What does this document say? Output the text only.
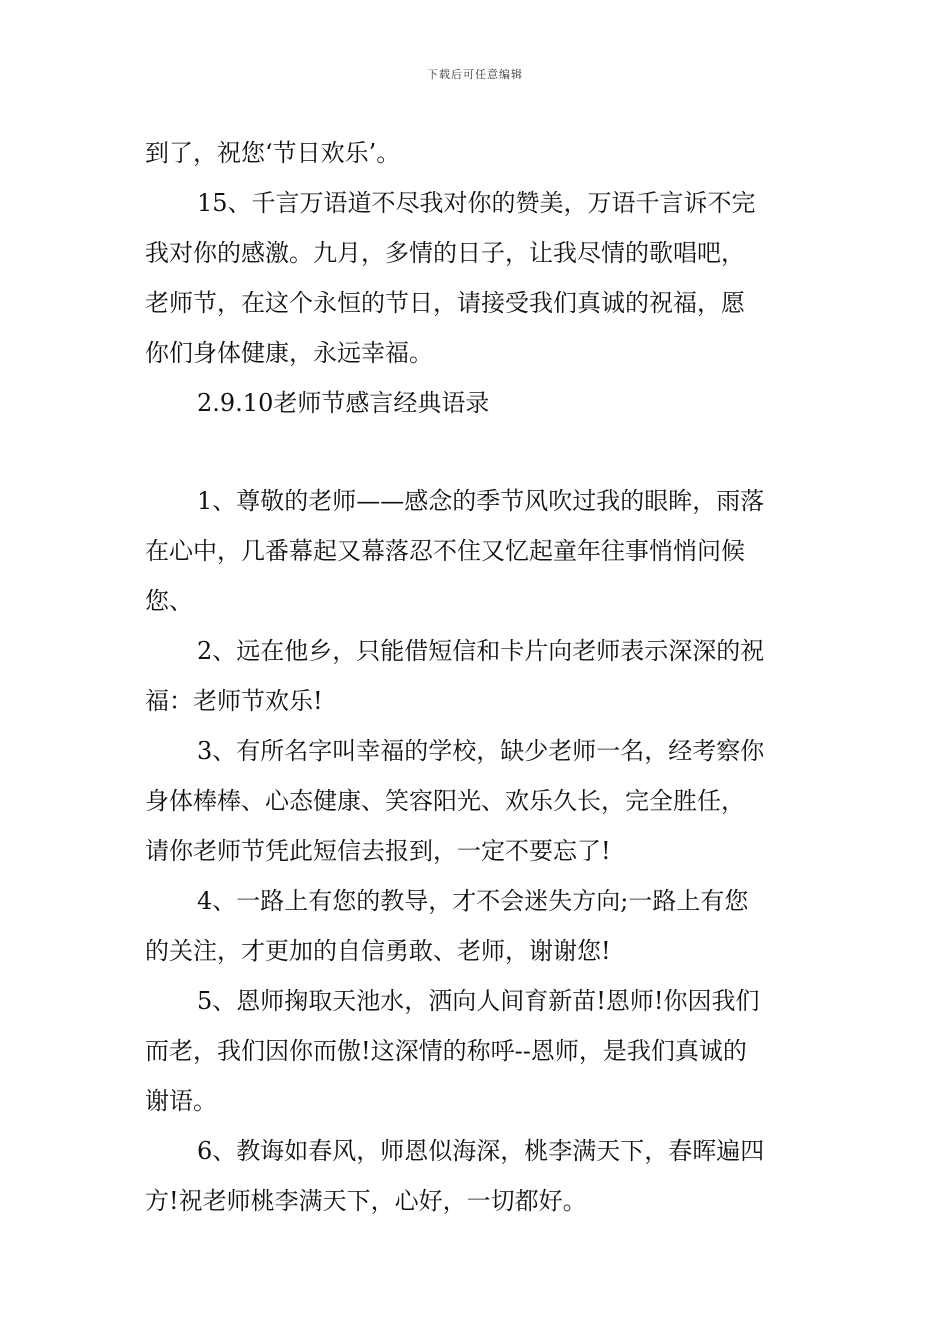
下载后可任意编辑
到了，祝您‘节日欢乐’。
15、千言万语道不尽我对你的赞美，万语千言诉不完
我对你的感激。九月，多情的日子，让我尽情的歌唱吧，
老师节，在这个永恒的节日，请接受我们真诚的祝福，愿
你们身体健康，永远幸福。
2.9.10老师节感言经典语录
1、尊敬的老师——感念的季节风吹过我的眼眸，雨落
在心中，几番幕起又幕落忍不住又忆起童年往事悄悄问候
您、
2、远在他乡，只能借短信和卡片向老师表示深深的祝
福：老师节欢乐!
3、有所名字叫幸福的学校，缺少老师一名，经考察你
身体棒棒、心态健康、笑容阳光、欢乐久长，完全胜任，
请你老师节凭此短信去报到，一定不要忘了!
4、一路上有您的教导，才不会迷失方向;一路上有您
的关注，才更加的自信勇敢、老师，谢谢您!
5、恩师掬取天池水，洒向人间育新苗!恩师!你因我们
而老，我们因你而傲!这深情的称呼--恩师，是我们真诚的
谢语。
6、教诲如春风，师恩似海深，桃李满天下，春晖遍四
方!祝老师桃李满天下，心好，一切都好。
